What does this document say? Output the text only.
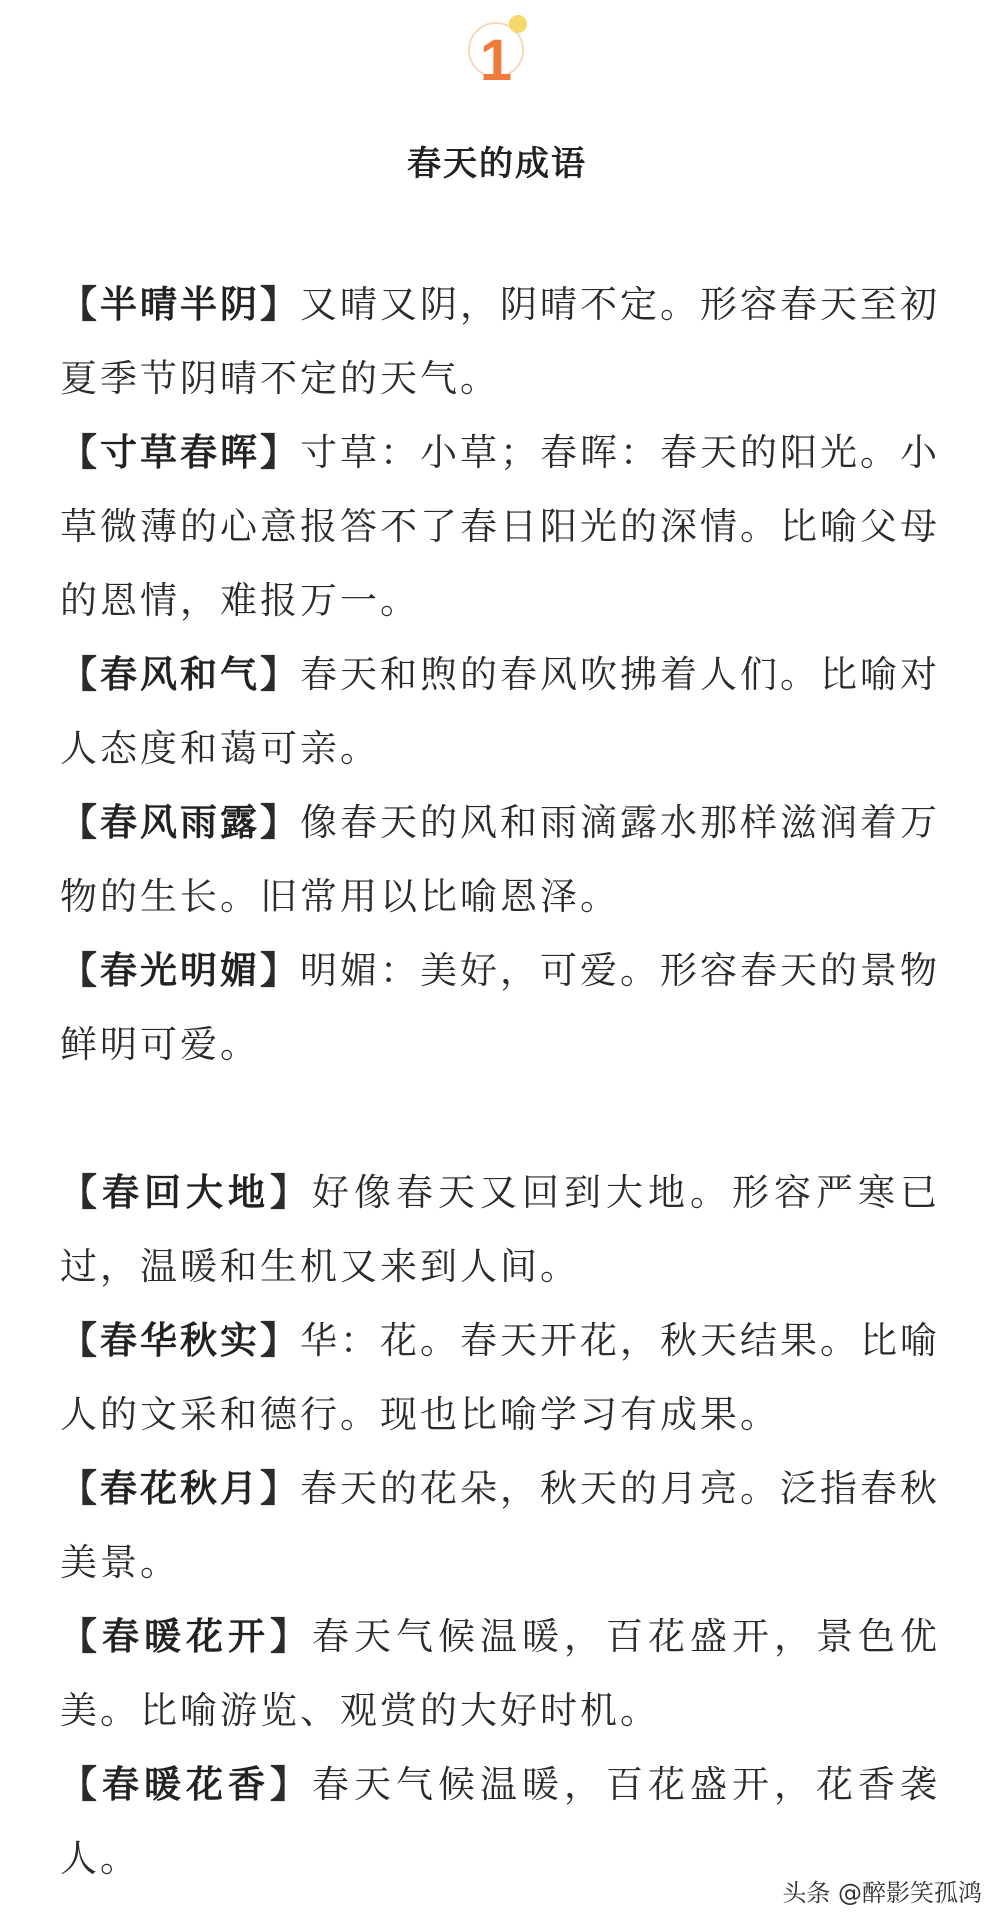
1
春天的成语

【半晴半阴】又晴又阴，阴晴不定。形容春天至初夏季节阴晴不定的天气。

【寸草春晖】寸草：小草；春晖：春天的阳光。小草微薄的心意报答不了春日阳光的深情。比喻父母的恩情，难报万一。

【春风和气】春天和煦的春风吹拂着人们。比喻对人态度和蔼可亲。

【春风雨露】像春天的风和雨滴露水那样滋润着万物的生长。旧常用以比喻恩泽。

【春光明媚】明媚：美好，可爱。形容春天的景物鲜明可爱。

【春回大地】好像春天又回到大地。形容严寒已过，温暖和生机又来到人间。

【春华秋实】华：花。春天开花，秋天结果。比喻人的文采和德行。现也比喻学习有成果。

【春花秋月】春天的花朵，秋天的月亮。泛指春秋美景。

【春暖花开】春天气候温暖，百花盛开，景色优美。比喻游览、观赏的大好时机。

【春暖花香】春天气候温暖，百花盛开，花香袭人。

头条 @醉影笑孤鸿
